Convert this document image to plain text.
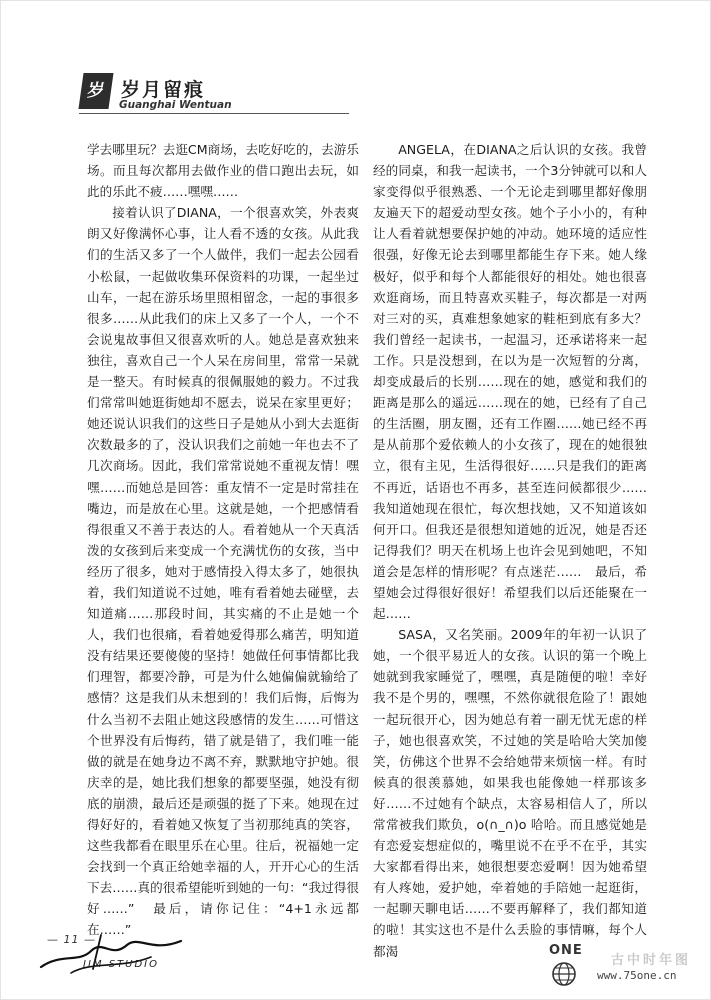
岁 岁月留痕
Guanghai Wentuan

学去哪里玩？去逛CM商场，去吃好吃的，去游乐场。而且每次都用去做作业的借口跑出去玩，如此的乐此不疲……嘿嘿……

接着认识了DIANA，一个很喜欢笑，外表爽朗又好像满怀心事，让人看不透的女孩。从此我们的生活又多了一个人做伴，我们一起去公园看小松鼠，一起做收集环保资料的功课，一起坐过山车，一起在游乐场里照相留念，一起的事很多很多……从此我们的床上又多了一个人，一个不会说鬼故事但又很喜欢听的人。她总是喜欢独来独往，喜欢自己一个人呆在房间里，常常一呆就是一整天。有时候真的很佩服她的毅力。不过我们常常叫她逛街她却不愿去，说呆在家里更好；她还说认识我们的这些日子是她从小到大去逛街次数最多的了，没认识我们之前她一年也去不了几次商场。因此，我们常常说她不重视友情！嘿嘿……而她总是回答：重友情不一定是时常挂在嘴边，而是放在心里。这就是她，一个把感情看得很重又不善于表达的人。看着她从一个天真活泼的女孩到后来变成一个充满忧伤的女孩，当中经历了很多，她对于感情投入得太多了，她很执着，我们知道说不过她，唯有看着她去碰壁，去知道痛……那段时间，其实痛的不止是她一个人，我们也很痛，看着她爱得那么痛苦，明知道没有结果还要傻傻的坚持！她做任何事情都比我们理智，都要冷静，可是为什么她偏偏就输给了感情？这是我们从未想到的！我们后悔，后悔为什么当初不去阻止她这段感情的发生……可惜这个世界没有后悔药，错了就是错了，我们唯一能做的就是在她身边不离不弃，默默地守护她。很庆幸的是，她比我们想象的都要坚强，她没有彻底的崩溃，最后还是顽强的挺了下来。她现在过得好好的，看着她又恢复了当初那纯真的笑容，这些我都看在眼里乐在心里。往后，祝福她一定会找到一个真正给她幸福的人，开开心心的生活下去……真的很希望能听到她的一句：“我过得很好……”　最后，请你记住：“4+1永远都在……”

ANGELA，在DIANA之后认识的女孩。我曾经的同桌，和我一起读书，一个3分钟就可以和人家变得似乎很熟悉、一个无论走到哪里都好像朋友遍天下的超爱动型女孩。她个子小小的，有种让人看着就想要保护她的冲动。她环境的适应性很强，好像无论去到哪里都能生存下来。她人缘极好，似乎和每个人都能很好的相处。她也很喜欢逛商场，而且特喜欢买鞋子，每次都是一对两对三对的买，真难想象她家的鞋柜到底有多大？我们曾经一起读书，一起温习，还承诺将来一起工作。只是没想到，在以为是一次短暂的分离，却变成最后的长别……现在的她，感觉和我们的距离是那么的遥远……现在的她，已经有了自己的生活圈，朋友圈，还有工作圈……她已经不再是从前那个爱依赖人的小女孩了，现在的她很独立，很有主见，生活得很好……只是我们的距离不再近，话语也不再多，甚至连问候都很少……我知道她现在很忙，每次想找她，又不知道该如何开口。但我还是很想知道她的近况，她是否还记得我们？明天在机场上也许会见到她吧，不知道会是怎样的情形呢？有点迷茫……　最后，希望她会过得很好很好！希望我们以后还能聚在一起……

SASA，又名笑丽。2009年的年初一认识了她，一个很平易近人的女孩。认识的第一个晚上她就到我家睡觉了，嘿嘿，真是随便的啦！幸好我不是个男的，嘿嘿，不然你就很危险了！跟她一起玩很开心，因为她总有着一副无忧无虑的样子，她也很喜欢笑，不过她的笑是哈哈大笑加傻笑，仿佛这个世界不会给她带来烦恼一样。有时候真的很羡慕她，如果我也能像她一样那该多好……不过她有个缺点，太容易相信人了，所以常常被我们欺负，o(∩_∩)o 哈哈。而且感觉她是有恋爱妄想症似的，嘴里说不在乎不在乎，其实大家都看得出来，她很想要恋爱啊！因为她希望有人疼她，爱护她，牵着她的手陪她一起逛街，一起聊天聊电话……不要再解释了，我们都知道的啦！其实这也不是什么丢脸的事情嘛，每个人都渴

— 11 —
JIM STUDIO
ONE
古中时年图
www.75one.cn
